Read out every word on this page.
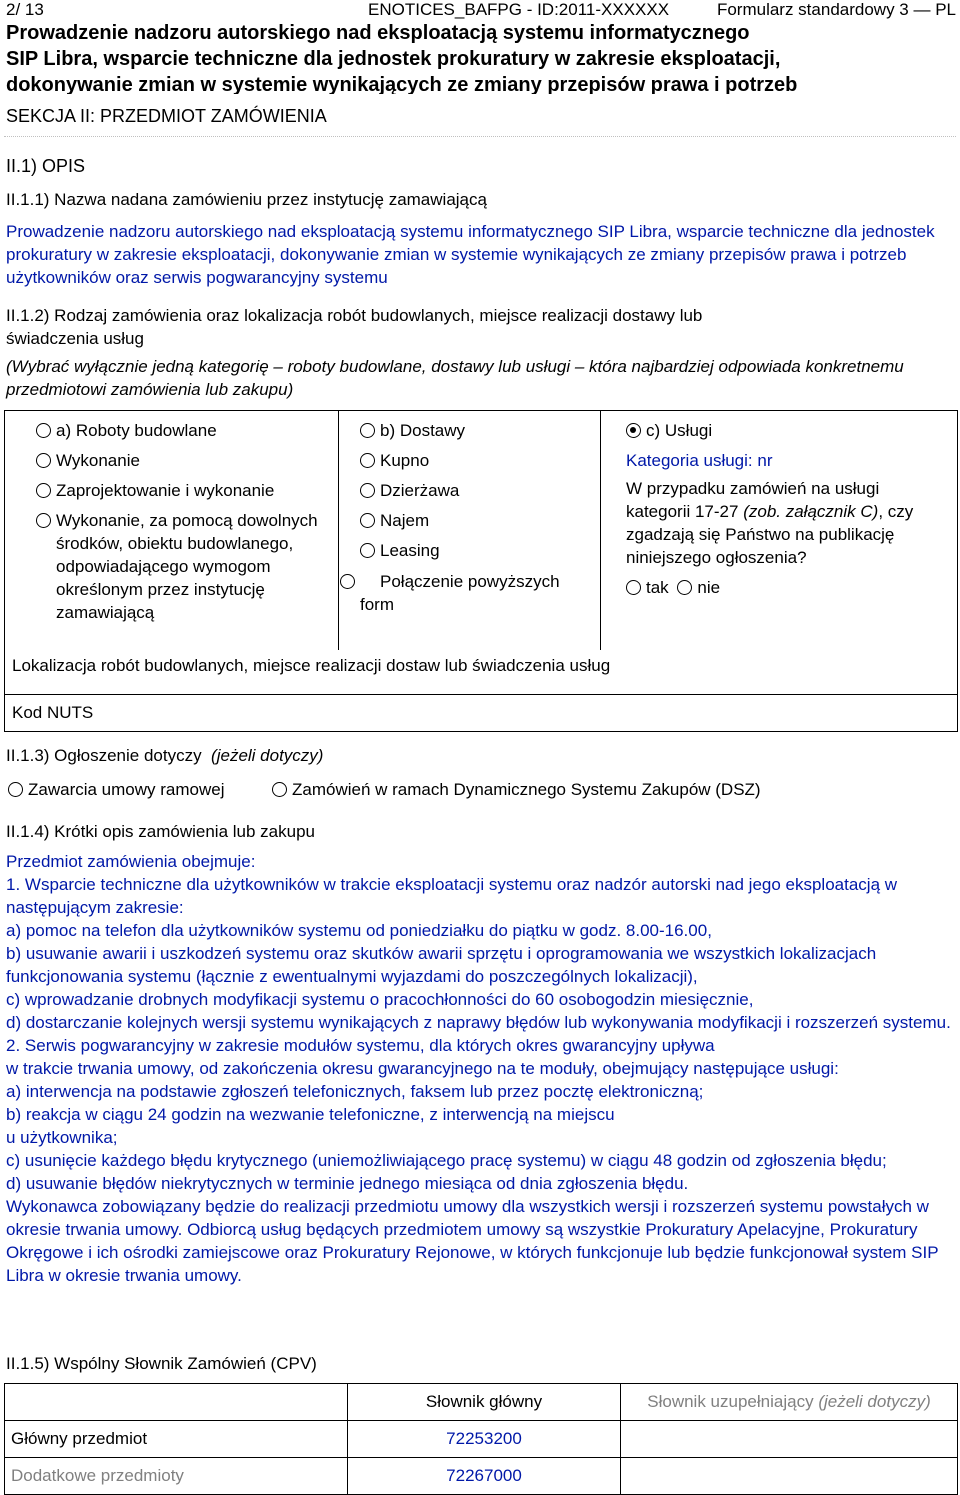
2/ 13	ENOTICES_BAFPG - ID:2011-XXXXXX	Formularz standardowy 3 — PL
Prowadzenie nadzoru autorskiego nad eksploatacją systemu informatycznego
SIP Libra, wsparcie techniczne dla jednostek prokuratury w zakresie eksploatacji,
dokonywanie zmian w systemie wynikających ze zmiany przepisów prawa i potrzeb
SEKCJA II: PRZEDMIOT ZAMÓWIENIA
II.1) OPIS
II.1.1) Nazwa nadana zamówieniu przez instytucję zamawiającą
Prowadzenie nadzoru autorskiego nad eksploatacją systemu informatycznego SIP Libra, wsparcie techniczne dla jednostek prokuratury w zakresie eksploatacji, dokonywanie zmian w systemie wynikających ze zmiany przepisów prawa i potrzeb użytkowników oraz serwis pogwarancyjny systemu
II.1.2) Rodzaj zamówienia oraz lokalizacja robót budowlanych, miejsce realizacji dostawy lub
świadczenia usług
(Wybrać wyłącznie jedną kategorię – roboty budowlane, dostawy lub usługi – która najbardziej odpowiada konkretnemu przedmiotowi zamówienia lub zakupu)
a) Roboty budowlane
Wykonanie
Zaprojektowanie i wykonanie
Wykonanie, za pomocą dowolnych środków, obiektu budowlanego, odpowiadającego wymogom określonym przez instytucję zamawiającą
b) Dostawy
Kupno
Dzierżawa
Najem
Leasing
Połączenie powyższych form
c) Usługi
Kategoria usługi: nr
W przypadku zamówień na usługi kategorii 17-27 (zob. załącznik C), czy zgadzają się Państwo na publikację niniejszego ogłoszenia?
tak nie
Lokalizacja robót budowlanych, miejsce realizacji dostaw lub świadczenia usług
Kod NUTS
II.1.3) Ogłoszenie dotyczy (jeżeli dotyczy)
Zawarcia umowy ramowej	Zamówień w ramach Dynamicznego Systemu Zakupów (DSZ)
II.1.4) Krótki opis zamówienia lub zakupu
Przedmiot zamówienia obejmuje:
1. Wsparcie techniczne dla użytkowników w trakcie eksploatacji systemu oraz nadzór autorski nad jego eksploatacją w następującym zakresie:
a) pomoc na telefon dla użytkowników systemu od poniedziałku do piątku w godz. 8.00-16.00,
b) usuwanie awarii i uszkodzeń systemu oraz skutków awarii sprzętu i oprogramowania we wszystkich lokalizacjach funkcjonowania systemu (łącznie z ewentualnymi wyjazdami do poszczególnych lokalizacji),
c) wprowadzanie drobnych modyfikacji systemu o pracochłonności do 60 osobogodzin miesięcznie,
d) dostarczanie kolejnych wersji systemu wynikających z naprawy błędów lub wykonywania modyfikacji i rozszerzeń systemu.
2. Serwis pogwarancyjny w zakresie modułów systemu, dla których okres gwarancyjny upływa
w trakcie trwania umowy, od zakończenia okresu gwarancyjnego na te moduły, obejmujący następujące usługi:
a) interwencja na podstawie zgłoszeń telefonicznych, faksem lub przez pocztę elektroniczną;
b) reakcja w ciągu 24 godzin na wezwanie telefoniczne, z interwencją na miejscu
u użytkownika;
c) usunięcie każdego błędu krytycznego (uniemożliwiającego pracę systemu) w ciągu 48 godzin od zgłoszenia błędu;
d) usuwanie błędów niekrytycznych w terminie jednego miesiąca od dnia zgłoszenia błędu.
Wykonawca zobowiązany będzie do realizacji przedmiotu umowy dla wszystkich wersji i rozszerzeń systemu powstałych w okresie trwania umowy. Odbiorcą usług będących przedmiotem umowy są wszystkie Prokuratury Apelacyjne, Prokuratury Okręgowe i ich ośrodki zamiejscowe oraz Prokuratury Rejonowe, w których funkcjonuje lub będzie funkcjonował system SIP Libra w okresie trwania umowy.
II.1.5) Wspólny Słownik Zamówień (CPV)
	Słownik główny	Słownik uzupełniający (jeżeli dotyczy)
Główny przedmiot	72253200	
Dodatkowe przedmioty	72267000	
